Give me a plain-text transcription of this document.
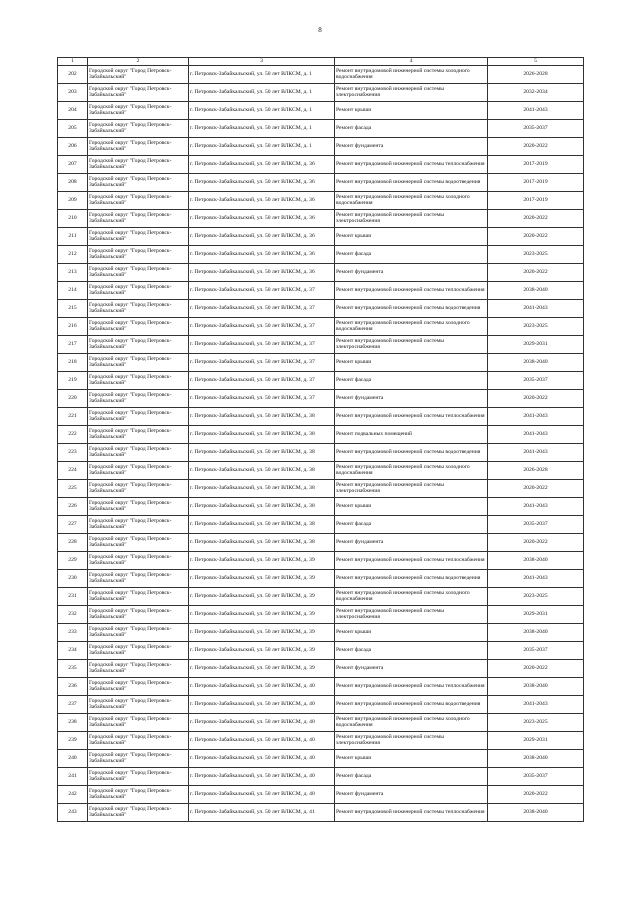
8
1	2	3	4	5
202	Городской округ "Город Петровск-Забайкальский"	г. Петровск-Забайкальский, ул. 50 лет ВЛКСМ, д. 1	Ремонт внутридомовой инженерной системы холодного водоснабжения	2026-2028
203	Городской округ "Город Петровск-Забайкальский"	г. Петровск-Забайкальский, ул. 50 лет ВЛКСМ, д. 1	Ремонт внутридомовой инженерной системы электроснабжения	2032-2034
204	Городской округ "Город Петровск-Забайкальский"	г. Петровск-Забайкальский, ул. 50 лет ВЛКСМ, д. 1	Ремонт крыши	2041-2043
205	Городской округ "Город Петровск-Забайкальский"	г. Петровск-Забайкальский, ул. 50 лет ВЛКСМ, д. 1	Ремонт фасада	2035-2037
206	Городской округ "Город Петровск-Забайкальский"	г. Петровск-Забайкальский, ул. 50 лет ВЛКСМ, д. 1	Ремонт фундамента	2020-2022
207	Городской округ "Город Петровск-Забайкальский"	г. Петровск-Забайкальский, ул. 50 лет ВЛКСМ, д. 36	Ремонт внутридомовой инженерной системы теплоснабжения	2017-2019
208	Городской округ "Город Петровск-Забайкальский"	г. Петровск-Забайкальский, ул. 50 лет ВЛКСМ, д. 36	Ремонт внутридомовой инженерной системы водоотведения	2017-2019
209	Городской округ "Город Петровск-Забайкальский"	г. Петровск-Забайкальский, ул. 50 лет ВЛКСМ, д. 36	Ремонт внутридомовой инженерной системы холодного водоснабжения	2017-2019
210	Городской округ "Город Петровск-Забайкальский"	г. Петровск-Забайкальский, ул. 50 лет ВЛКСМ, д. 36	Ремонт внутридомовой инженерной системы электроснабжения	2020-2022
211	Городской округ "Город Петровск-Забайкальский"	г. Петровск-Забайкальский, ул. 50 лет ВЛКСМ, д. 36	Ремонт крыши	2020-2022
212	Городской округ "Город Петровск-Забайкальский"	г. Петровск-Забайкальский, ул. 50 лет ВЛКСМ, д. 36	Ремонт фасада	2023-2025
213	Городской округ "Город Петровск-Забайкальский"	г. Петровск-Забайкальский, ул. 50 лет ВЛКСМ, д. 36	Ремонт фундамента	2020-2022
214	Городской округ "Город Петровск-Забайкальский"	г. Петровск-Забайкальский, ул. 50 лет ВЛКСМ, д. 37	Ремонт внутридомовой инженерной системы теплоснабжения	2038-2040
215	Городской округ "Город Петровск-Забайкальский"	г. Петровск-Забайкальский, ул. 50 лет ВЛКСМ, д. 37	Ремонт внутридомовой инженерной системы водоотведения	2041-2043
216	Городской округ "Город Петровск-Забайкальский"	г. Петровск-Забайкальский, ул. 50 лет ВЛКСМ, д. 37	Ремонт внутридомовой инженерной системы холодного водоснабжения	2023-2025
217	Городской округ "Город Петровск-Забайкальский"	г. Петровск-Забайкальский, ул. 50 лет ВЛКСМ, д. 37	Ремонт внутридомовой инженерной системы электроснабжения	2029-2031
218	Городской округ "Город Петровск-Забайкальский"	г. Петровск-Забайкальский, ул. 50 лет ВЛКСМ, д. 37	Ремонт крыши	2038-2040
219	Городской округ "Город Петровск-Забайкальский"	г. Петровск-Забайкальский, ул. 50 лет ВЛКСМ, д. 37	Ремонт фасада	2035-2037
220	Городской округ "Город Петровск-Забайкальский"	г. Петровск-Забайкальский, ул. 50 лет ВЛКСМ, д. 37	Ремонт фундамента	2020-2022
221	Городской округ "Город Петровск-Забайкальский"	г. Петровск-Забайкальский, ул. 50 лет ВЛКСМ, д. 38	Ремонт внутридомовой инженерной системы теплоснабжения	2041-2043
222	Городской округ "Город Петровск-Забайкальский"	г. Петровск-Забайкальский, ул. 50 лет ВЛКСМ, д. 38	Ремонт подвальных помещений	2041-2043
223	Городской округ "Город Петровск-Забайкальский"	г. Петровск-Забайкальский, ул. 50 лет ВЛКСМ, д. 38	Ремонт внутридомовой инженерной системы водоотведения	2041-2043
224	Городской округ "Город Петровск-Забайкальский"	г. Петровск-Забайкальский, ул. 50 лет ВЛКСМ, д. 38	Ремонт внутридомовой инженерной системы холодного водоснабжения	2026-2028
225	Городской округ "Город Петровск-Забайкальский"	г. Петровск-Забайкальский, ул. 50 лет ВЛКСМ, д. 38	Ремонт внутридомовой инженерной системы электроснабжения	2020-2022
226	Городской округ "Город Петровск-Забайкальский"	г. Петровск-Забайкальский, ул. 50 лет ВЛКСМ, д. 38	Ремонт крыши	2041-2043
227	Городской округ "Город Петровск-Забайкальский"	г. Петровск-Забайкальский, ул. 50 лет ВЛКСМ, д. 38	Ремонт фасада	2035-2037
228	Городской округ "Город Петровск-Забайкальский"	г. Петровск-Забайкальский, ул. 50 лет ВЛКСМ, д. 38	Ремонт фундамента	2020-2022
229	Городской округ "Город Петровск-Забайкальский"	г. Петровск-Забайкальский, ул. 50 лет ВЛКСМ, д. 39	Ремонт внутридомовой инженерной системы теплоснабжения	2038-2040
230	Городской округ "Город Петровск-Забайкальский"	г. Петровск-Забайкальский, ул. 50 лет ВЛКСМ, д. 39	Ремонт внутридомовой инженерной системы водоотведения	2041-2043
231	Городской округ "Город Петровск-Забайкальский"	г. Петровск-Забайкальский, ул. 50 лет ВЛКСМ, д. 39	Ремонт внутридомовой инженерной системы холодного водоснабжения	2023-2025
232	Городской округ "Город Петровск-Забайкальский"	г. Петровск-Забайкальский, ул. 50 лет ВЛКСМ, д. 39	Ремонт внутридомовой инженерной системы электроснабжения	2029-2031
233	Городской округ "Город Петровск-Забайкальский"	г. Петровск-Забайкальский, ул. 50 лет ВЛКСМ, д. 39	Ремонт крыши	2038-2040
234	Городской округ "Город Петровск-Забайкальский"	г. Петровск-Забайкальский, ул. 50 лет ВЛКСМ, д. 39	Ремонт фасада	2035-2037
235	Городской округ "Город Петровск-Забайкальский"	г. Петровск-Забайкальский, ул. 50 лет ВЛКСМ, д. 39	Ремонт фундамента	2020-2022
236	Городской округ "Город Петровск-Забайкальский"	г. Петровск-Забайкальский, ул. 50 лет ВЛКСМ, д. 40	Ремонт внутридомовой инженерной системы теплоснабжения	2038-2040
237	Городской округ "Город Петровск-Забайкальский"	г. Петровск-Забайкальский, ул. 50 лет ВЛКСМ, д. 40	Ремонт внутридомовой инженерной системы водоотведения	2041-2043
238	Городской округ "Город Петровск-Забайкальский"	г. Петровск-Забайкальский, ул. 50 лет ВЛКСМ, д. 40	Ремонт внутридомовой инженерной системы холодного водоснабжения	2023-2025
239	Городской округ "Город Петровск-Забайкальский"	г. Петровск-Забайкальский, ул. 50 лет ВЛКСМ, д. 40	Ремонт внутридомовой инженерной системы электроснабжения	2029-2031
240	Городской округ "Город Петровск-Забайкальский"	г. Петровск-Забайкальский, ул. 50 лет ВЛКСМ, д. 40	Ремонт крыши	2038-2040
241	Городской округ "Город Петровск-Забайкальский"	г. Петровск-Забайкальский, ул. 50 лет ВЛКСМ, д. 40	Ремонт фасада	2035-2037
242	Городской округ "Город Петровск-Забайкальский"	г. Петровск-Забайкальский, ул. 50 лет ВЛКСМ, д. 40	Ремонт фундамента	2020-2022
243	Городской округ "Город Петровск-Забайкальский"	г. Петровск-Забайкальский, ул. 50 лет ВЛКСМ, д. 41	Ремонт внутридомовой инженерной системы теплоснабжения	2038-2040
